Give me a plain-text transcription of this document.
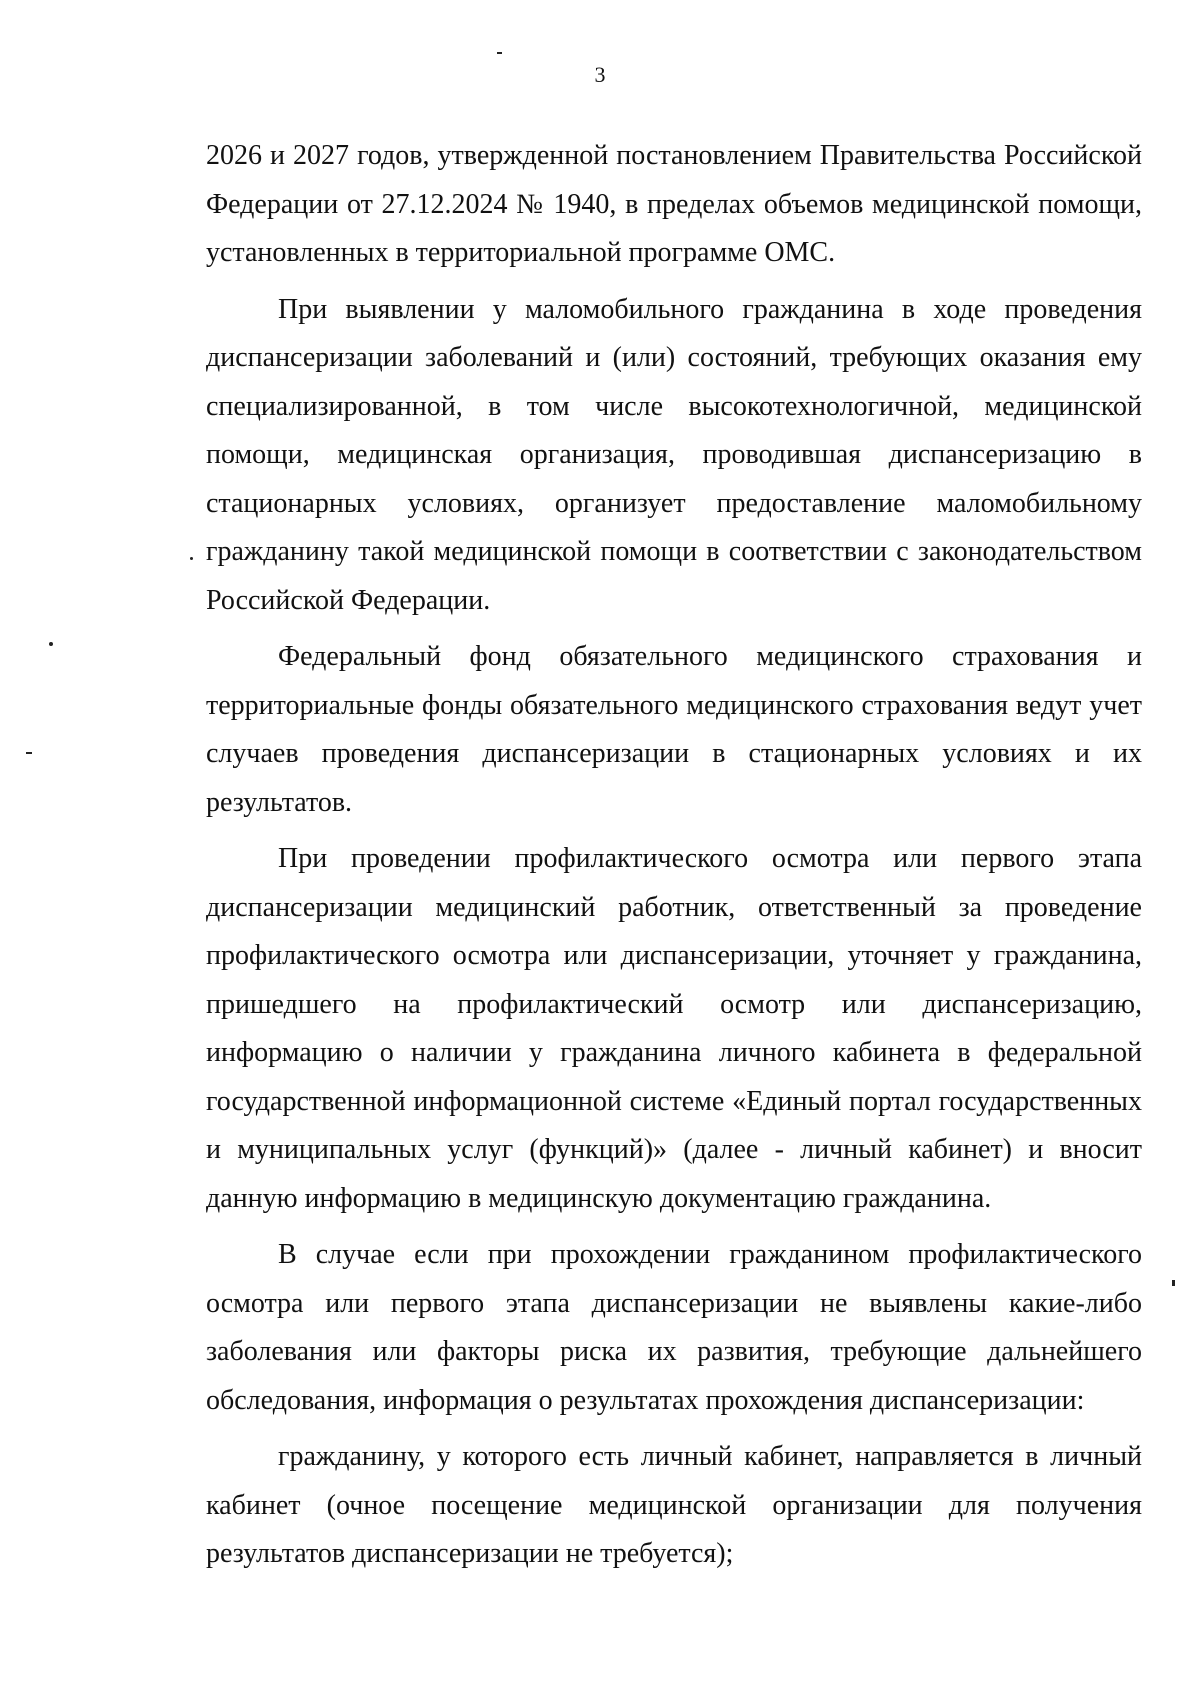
3

2026 и 2027 годов, утвержденной постановлением Правительства Российской Федерации от 27.12.2024 № 1940, в пределах объемов медицинской помощи, установленных в территориальной программе ОМС.

При выявлении у маломобильного гражданина в ходе проведения диспансеризации заболеваний и (или) состояний, требующих оказания ему специализированной, в том числе высокотехнологичной, медицинской помощи, медицинская организация, проводившая диспансеризацию в стационарных условиях, организует предоставление маломобильному гражданину такой медицинской помощи в соответствии с законодательством Российской Федерации.

Федеральный фонд обязательного медицинского страхования и территориальные фонды обязательного медицинского страхования ведут учет случаев проведения диспансеризации в стационарных условиях и их результатов.

При проведении профилактического осмотра или первого этапа диспансеризации медицинский работник, ответственный за проведение профилактического осмотра или диспансеризации, уточняет у гражданина, пришедшего на профилактический осмотр или диспансеризацию, информацию о наличии у гражданина личного кабинета в федеральной государственной информационной системе «Единый портал государственных и муниципальных услуг (функций)» (далее - личный кабинет) и вносит данную информацию в медицинскую документацию гражданина.

В случае если при прохождении гражданином профилактического осмотра или первого этапа диспансеризации не выявлены какие-либо заболевания или факторы риска их развития, требующие дальнейшего обследования, информация о результатах прохождения диспансеризации:

гражданину, у которого есть личный кабинет, направляется в личный кабинет (очное посещение медицинской организации для получения результатов диспансеризации не требуется);
